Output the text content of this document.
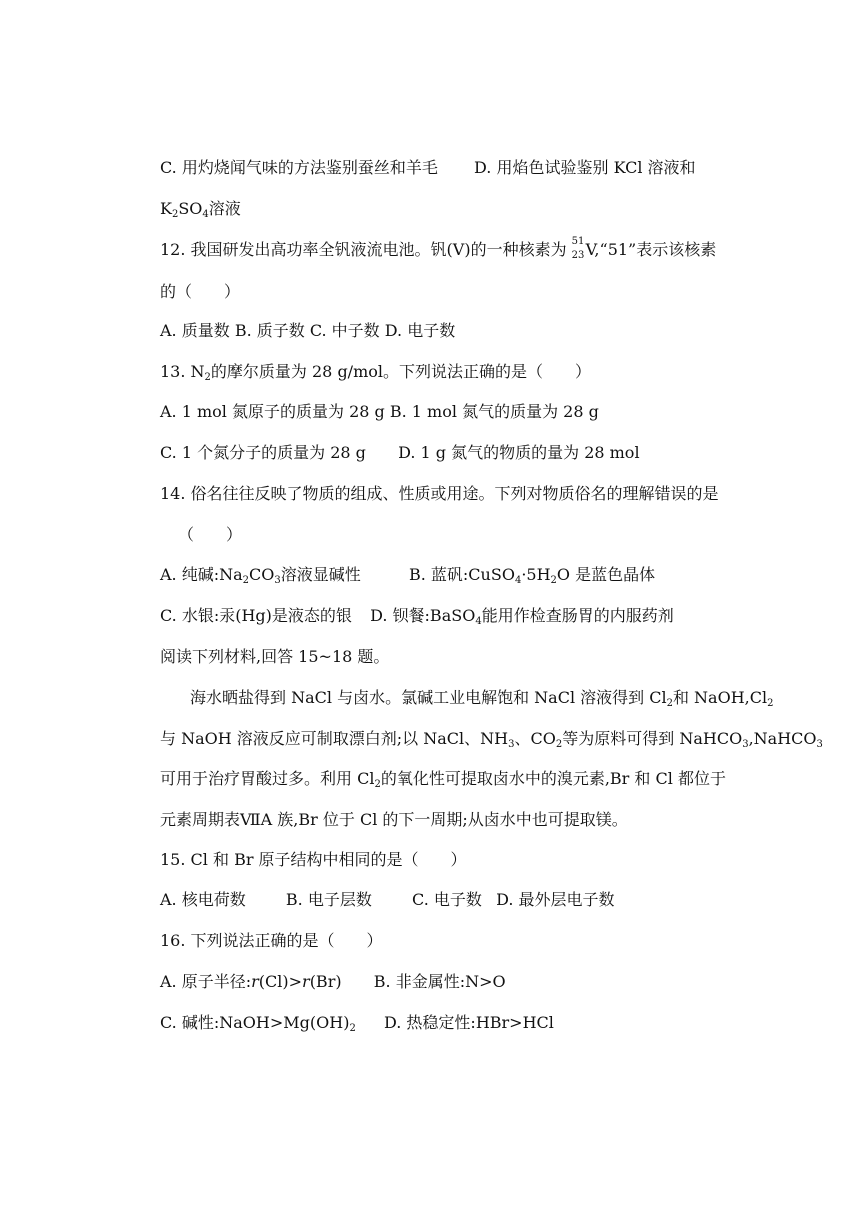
C. 用灼烧闻气味的方法鉴别蚕丝和羊毛 D. 用焰色试验鉴别 KCl 溶液和
$K_2SO_4$溶液
12. 我国研发出高功率全钒液流电池。钒(V)的一种核素为 51
23 V,“51”表示该核素
的（　　）
A. 质量数 B. 质子数 C. 中子数 D. 电子数
13. $N_2$的摩尔质量为 28 g/mol。下列说法正确的是（　　）
A. 1 mol 氮原子的质量为 28 g B. 1 mol 氮气的质量为 28 g
C. 1 个氮分子的质量为 28 g D. 1 g 氮气的物质的量为 28 mol
14. 俗名往往反映了物质的组成、性质或用途。下列对物质俗名的理解错误的是
（　　）
A. 纯碱$:Na_2CO_3$溶液显碱性	B. 蓝矾$:CuSO_4\cdot 5H_2O$ 是蓝色晶体
C. 水银:汞(Hg)是液态的银 D. 钡餐:BaSO$_4$能用作检查肠胃的内服药剂
阅读下列材料,回答 15~18 题。
海水晒盐得到 NaCl 与卤水。氯碱工业电解饱和 NaCl 溶液得到 $Cl_2$和 $NaOH,Cl_2$
与 NaOH 溶液反应可制取漂白剂;以 NaCl、$NH_3$、$CO_2$等为原料可得到 NaHCO$_3$,NaHCO$_3$
可用于治疗胃酸过多。利用 $Cl_2$的氧化性可提取卤水中的溴元素,Br 和 Cl 都位于
元素周期表ⅦA 族,Br 位于 Cl 的下一周期;从卤水中也可提取镁。
15. Cl 和 Br 原子结构中相同的是（　　）
A. 核电荷数	B. 电子层数	C. 电子数 D. 最外层电子数
16. 下列说法正确的是（　　）
A. 原子半径:r(Cl)>r(Br) B. 非金属性:N>O
C. 碱性$:NaOH>Mg(OH)_2$ D. 热稳定性:HBr>HCl
